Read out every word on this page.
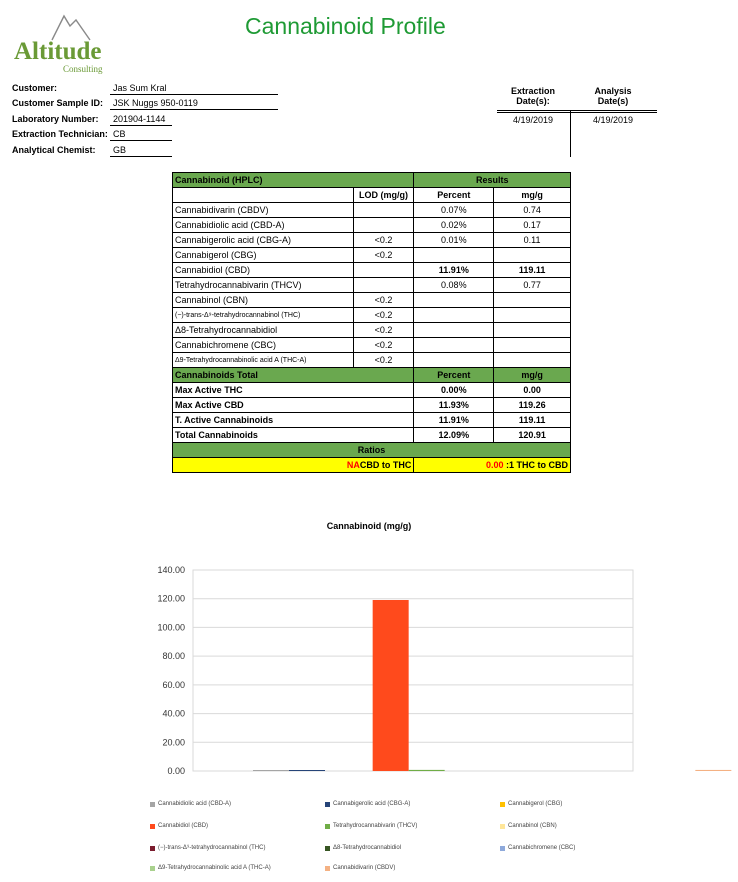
Altitude
Consulting
Cannabinoid Profile
Customer:	Jas Sum Kral
Customer Sample ID: JSK Nuggs 950-0119
Laboratory Number: 201904-1144
Extraction Technician: CB
Analytical Chemist: GB
Extraction
Date(s):
Analysis
Date(s)
4/19/2019	4/19/2019
Cannabinoid (HPLC)		Results	
	LOD (mg/g)	Percent	mg/g
Cannabidivarin (CBDV)		0.07%	0.74
Cannabidiolic acid (CBD-A)		0.02%	0.17
Cannabigerolic acid (CBG-A)	<0.2	0.01%	0.11
Cannabigerol (CBG)	<0.2		
Cannabidiol (CBD)		11.91%	119.11
Tetrahydrocannabivarin (THCV)		0.08%	0.77
Cannabinol (CBN)	<0.2		
(−)-trans-Δ⁹-tetrahydrocannabinol (THC)	<0.2		
Δ8-Tetrahydrocannabidiol	<0.2		
Cannabichromene (CBC)	<0.2		
Δ9-Tetrahydrocannabinolic acid A (THC-A)	<0.2		
Cannabinoids Total		Percent	mg/g
Max Active THC		0.00%	0.00
Max Active CBD		11.93%	119.26
T. Active Cannabinoids		11.91%	119.11
Total Cannabinoids		12.09%	120.91
Ratios			
NACBD to THC		0.00 :1 THC to CBD	
Cannabinoid (mg/g)
0.00
20.00
40.00
60.00
80.00
100.00
120.00
140.00
Cannabidiolic acid (CBD-A)	Cannabigerolic acid (CBG-A)	Cannabigerol (CBG)
Cannabidiol (CBD)	Tetrahydrocannabivarin (THCV)	Cannabinol (CBN)
(−)-trans-Δ⁹-tetrahydrocannabinol (THC)	Δ8-Tetrahydrocannabidiol	Cannabichromene (CBC)
Δ9-Tetrahydrocannabinolic acid A (THC-A)	Cannabidivarin (CBDV)
